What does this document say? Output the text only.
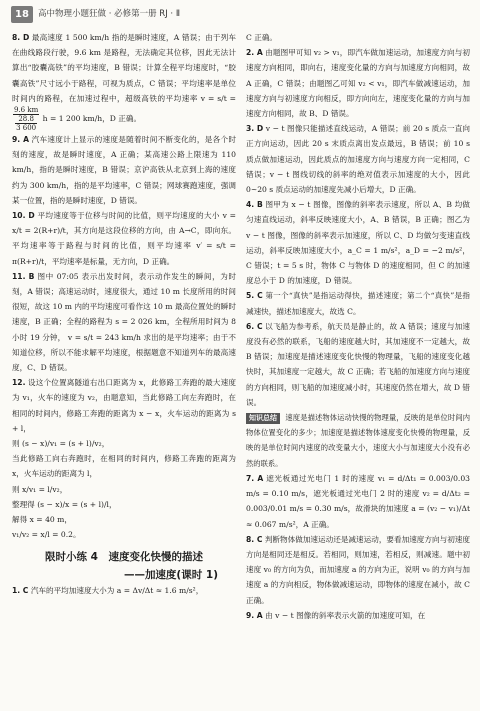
18	高中物理小题狂做 · 必修第一册 RJ · Ⅱ

8. D 最高速度 1 500 km/h 指的是瞬时速度，A 错误；由于列车在曲线路段行驶，9.6 km 是路程，无法确定其位移，因此无法计算出“胶囊高铁”的平均速度，B 错误；计算全程平均速度时，“胶囊高铁”尺寸远小于路程，可视为质点，C 错误；平均速率是单位时间内的路程，在加速过程中，超级高铁的平均速率 v = s/t =
$\frac{9.6 km}{\frac{28.8}{3 600}}$ h = 1 200 km/h，D 正确。

9. A 汽车速度计上显示的速度是随着时间不断变化的，是各个时刻的速度，故是瞬时速度，A 正确；某高速公路上限速为 110 km/h，指的是瞬时速度，B 错误；京沪高铁从北京到上海的速度约为 300 km/h，指的是平均速率，C 错误；网球赛跑速度，强调某一位置，指的是瞬时速度，D 错误。

10. D 平均速度等于位移与时间的比值，则平均速度的大小 v = x/t = 2(R+r)/t，其方向是这段位移的方向，由 A→C，即向东。平均速率等于路程与时间的比值，则平均速率 v′ = s/t = π(R+r)/t，平均速率是标量，无方向，D 正确。

11. B 图中 07:05 表示出发时间，表示动作发生的瞬间，为时刻，A 错误；高速运动时，速度很大，通过 10 m 长度所用的时间很短，故这 10 m 内的平均速度可看作这 10 m 最高位置处的瞬时速度，B 正确；全程的路程为 s = 2 026 km，全程所用时间为 8 小时 19 分钟， v = s/t = 243 km/h 求出的是平均速率；由于不知道位移，所以不能求解平均速度，根据题意不知道列车的最高速度，C、D 错误。

12. 设这个位置离隧道右出口距离为 x，此修路工奔跑的最大速度为 v₁，火车的速度为 v₂，由题意知，当此修路工向左奔跑时，在相同的时间内，修路工奔跑的距离为 x − x，火车运动的距离为 s + l，

则 (s − x)/v₁ = (s + l)/v₂，

当此修路工向右奔跑时，在相同的时间内，修路工奔跑的距离为 x，火车运动的距离为 l，

则 x/v₁ = l/v₂，

整理得 (s − x)/x = (s + l)/l，

解得 x = 40 m，

v₁/v₂ = x/l = 0.2。

限时小练 4　速度变化快慢的描述
——加速度(课时 1)

1. C 汽车的平均加速度大小为 a = Δv/Δt ≈ 1.6 m/s²，

C 正确。

2. A 由题图甲可知 v₂ > v₁，即汽车做加速运动，加速度方向与初速度方向相同，即向右，速度变化量的方向与加速度方向相同，故 A 正确，C 错误；由题图乙可知 v₂ < v₁，即汽车做减速运动，加速度方向与初速度方向相反，即方向向左，速度变化量的方向与加速度方向相同，故 B、D 错误。

3. D v − t 图像只能描述直线运动，A 错误；前 20 s 质点一直向正方向运动，因此 20 s 末质点离出发点最远，B 错误；前 10 s 质点做加速运动，因此质点的加速度方向与速度方向一定相同，C 错误；v − t 图线切线的斜率的绝对值表示加速度的大小，因此 0~20 s 质点运动的加速度先减小后增大，D 正确。

4. B 图甲为 x − t 图像，图像的斜率表示速度，所以 A、B 均做匀速直线运动，斜率反映速度大小，A、B 错误，B 正确；图乙为 v − t 图像，图像的斜率表示加速度，所以 C、D 均做匀变速直线运动，斜率反映加速度大小，a_C = 1 m/s²，a_D = −2 m/s²，C 错误；t = 5 s 时，物体 C 与物体 D 的速度相同，但 C 的加速度总小于 D 的加速度，D 错误。

5. C 第一个“真快”是指运动得快，描述速度；第二个“真快”是指减速快，描述加速度大，故选 C。

6. C 以飞船为参考系，航天员是静止的，故 A 错误；速度与加速度没有必然的联系，飞船的速度越大时，其加速度不一定越大，故 B 错误；加速度是描述速度变化快慢的物理量，飞船的速度变化越快时，其加速度一定越大，故 C 正确；若飞船的加速度方向与速度的方向相同，则飞船的加速度减小时，其速度仍然在增大，故 D 错误。

知识总结 速度是描述物体运动快慢的物理量，反映的是单位时间内物体位置变化的多少；加速度是描述物体速度变化快慢的物理量，反映的是单位时间内速度的改变量大小，速度大小与加速度大小没有必然的联系。

7. A 遮光板通过光电门 1 时的速度 v₁ = d/Δt₁ = 0.003/0.03 m/s = 0.10 m/s，遮光板通过光电门 2 时的速度 v₂ = d/Δt₂ = 0.003/0.01 m/s = 0.30 m/s，故滑块的加速度 a = (v₂ − v₁)/Δt ≈ 0.067 m/s²，A 正确。

8. C 判断物体做加速运动还是减速运动，要看加速度方向与初速度方向是相同还是相反。若相同，则加速，若相反，则减速。题中初速度 v₀ 的方向为负，而加速度 a 的方向为正，说明 v₀ 的方向与加速度 a 的方向相反，物体做减速运动，即物体的速度在减小，故 C 正确。

9. A 由 v − t 图像的斜率表示火箭的加速度可知，在
